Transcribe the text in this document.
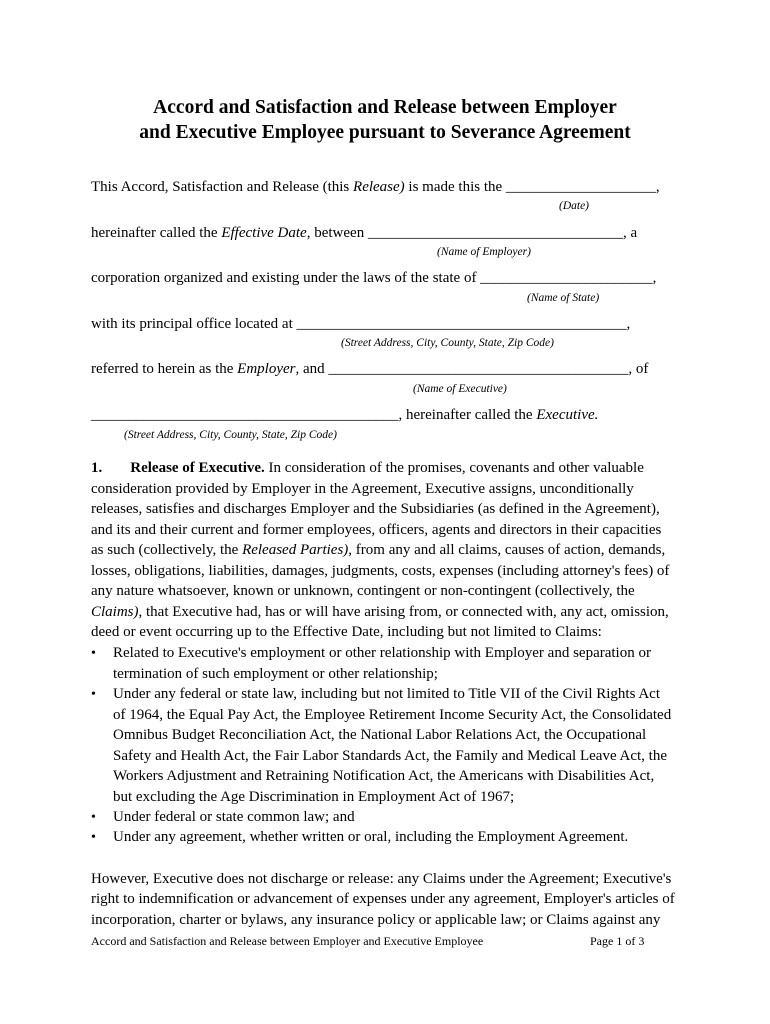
Accord and Satisfaction and Release between Employer
and Executive Employee pursuant to Severance Agreement
This Accord, Satisfaction and Release (this Release) is made this the ____________________,
(Date)
hereinafter called the Effective Date, between __________________________________, a
(Name of Employer)
corporation organized and existing under the laws of the state of _______________________,
(Name of State)
with its principal office located at ____________________________________________,
(Street Address, City, County, State, Zip Code)
referred to herein as the Employer, and ________________________________________, of
(Name of Executive)
_________________________________________, hereinafter called the Executive.
(Street Address, City, County, State, Zip Code)
1. Release of Executive. In consideration of the promises, covenants and other valuable
consideration provided by Employer in the Agreement, Executive assigns, unconditionally
releases, satisfies and discharges Employer and the Subsidiaries (as defined in the Agreement),
and its and their current and former employees, officers, agents and directors in their capacities
as such (collectively, the Released Parties), from any and all claims, causes of action, demands,
losses, obligations, liabilities, damages, judgments, costs, expenses (including attorney's fees) of
any nature whatsoever, known or unknown, contingent or non-contingent (collectively, the
Claims), that Executive had, has or will have arising from, or connected with, any act, omission,
deed or event occurring up to the Effective Date, including but not limited to Claims:
• Related to Executive's employment or other relationship with Employer and separation or
termination of such employment or other relationship;
• Under any federal or state law, including but not limited to Title VII of the Civil Rights Act
of 1964, the Equal Pay Act, the Employee Retirement Income Security Act, the Consolidated
Omnibus Budget Reconciliation Act, the National Labor Relations Act, the Occupational
Safety and Health Act, the Fair Labor Standards Act, the Family and Medical Leave Act, the
Workers Adjustment and Retraining Notification Act, the Americans with Disabilities Act,
but excluding the Age Discrimination in Employment Act of 1967;
• Under federal or state common law; and
• Under any agreement, whether written or oral, including the Employment Agreement.
However, Executive does not discharge or release: any Claims under the Agreement; Executive's
right to indemnification or advancement of expenses under any agreement, Employer's articles of
incorporation, charter or bylaws, any insurance policy or applicable law; or Claims against any
Accord and Satisfaction and Release between Employer and Executive Employee	Page 1 of 3
